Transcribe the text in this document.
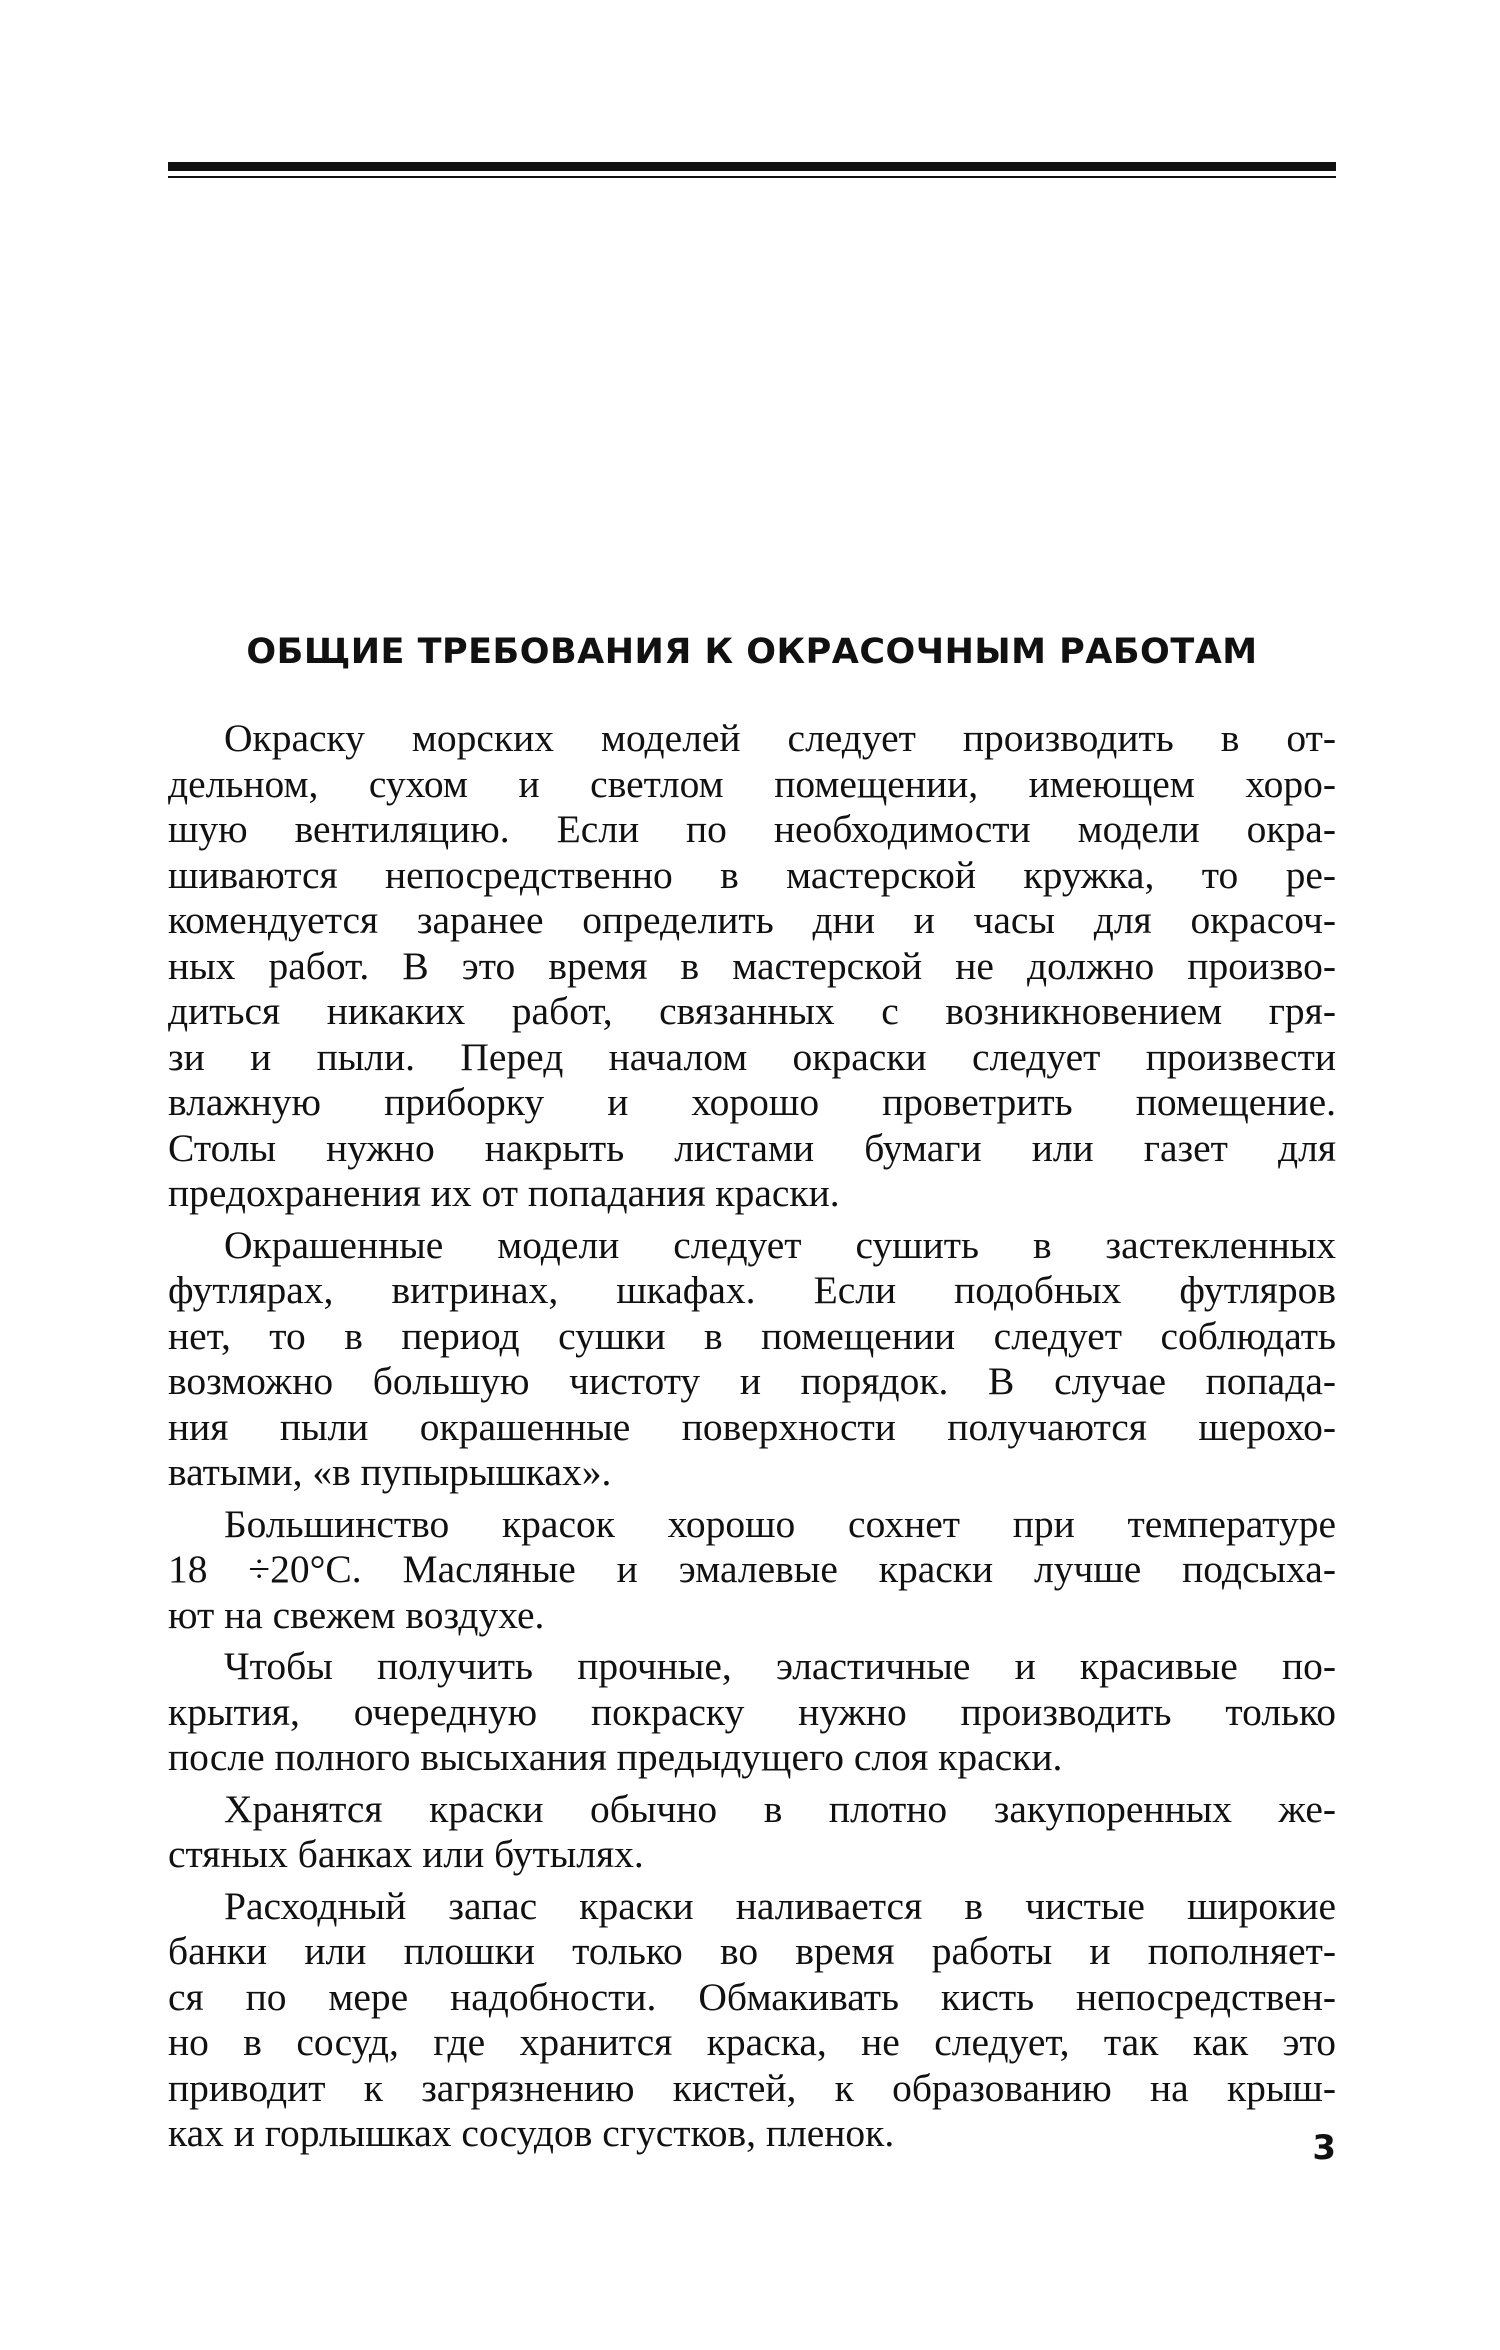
ОБЩИЕ ТРЕБОВАНИЯ К ОКРАСОЧНЫМ РАБОТАМ
Окраску морских моделей следует производить в от-
дельном, сухом и светлом помещении, имеющем хоро-
шую вентиляцию. Если по необходимости модели окра-
шиваются непосредственно в мастерской кружка, то ре-
комендуется заранее определить дни и часы для окрасоч-
ных работ. В это время в мастерской не должно произво-
диться никаких работ, связанных с возникновением гря-
зи и пыли. Перед началом окраски следует произвести
влажную приборку и хорошо проветрить помещение.
Столы нужно накрыть листами бумаги или газет для
предохранения их от попадания краски.
Окрашенные модели следует сушить в застекленных
футлярах, витринах, шкафах. Если подобных футляров
нет, то в период сушки в помещении следует соблюдать
возможно большую чистоту и порядок. В случае попада-
ния пыли окрашенные поверхности получаются шерохо-
ватыми, «в пупырышках».
Большинство красок хорошо сохнет при температуре
18 ÷20°С. Масляные и эмалевые краски лучше подсыха-
ют на свежем воздухе.
Чтобы получить прочные, эластичные и красивые по-
крытия, очередную покраску нужно производить только
после полного высыхания предыдущего слоя краски.
Хранятся краски обычно в плотно закупоренных же-
стяных банках или бутылях.
Расходный запас краски наливается в чистые широкие
банки или плошки только во время работы и пополняет-
ся по мере надобности. Обмакивать кисть непосредствен-
но в сосуд, где хранится краска, не следует, так как это
приводит к загрязнению кистей, к образованию на крыш-
ках и горлышках сосудов сгустков, пленок.	3
